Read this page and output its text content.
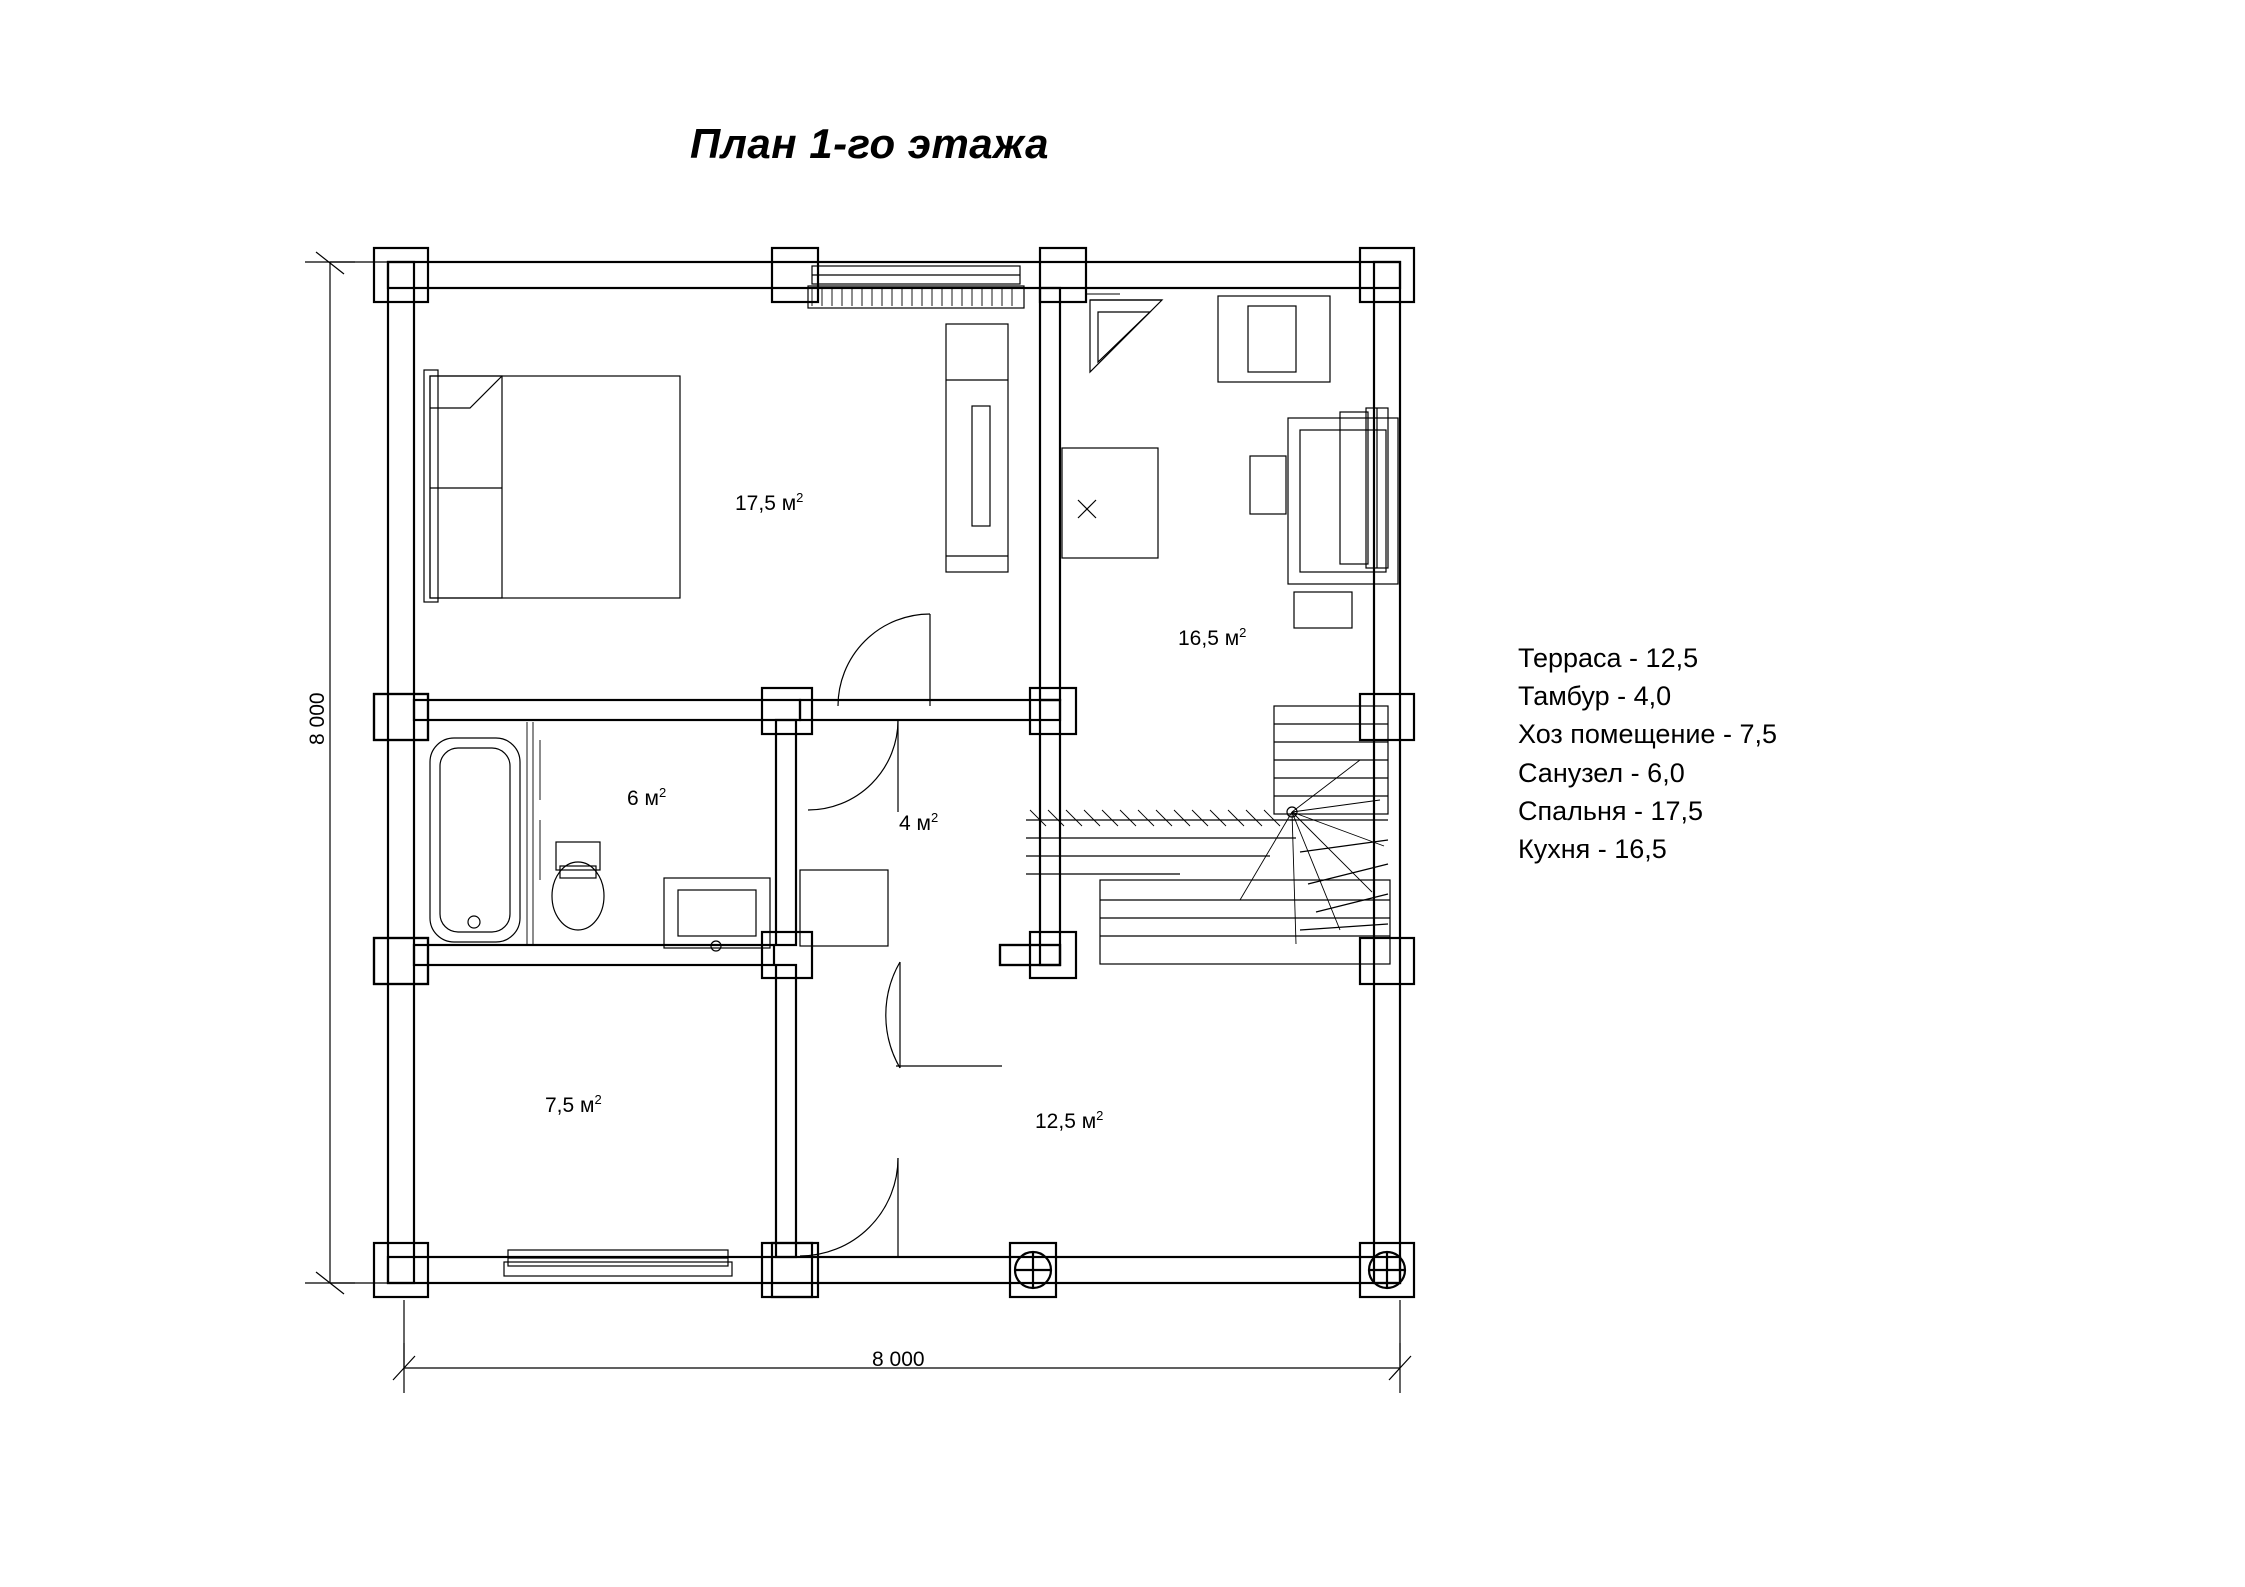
План 1-го этажа
17,5 $м^2$
16,5 $м^2$
6 $м^2$
4 $м^2$
7,5 $м^2$
12,5 $м^2$
8 000
8 000
Терраса - 12,5
Тамбур - 4,0
Хоз помещение - 7,5
Санузел - 6,0
Спальня - 17,5
Кухня - 16,5
